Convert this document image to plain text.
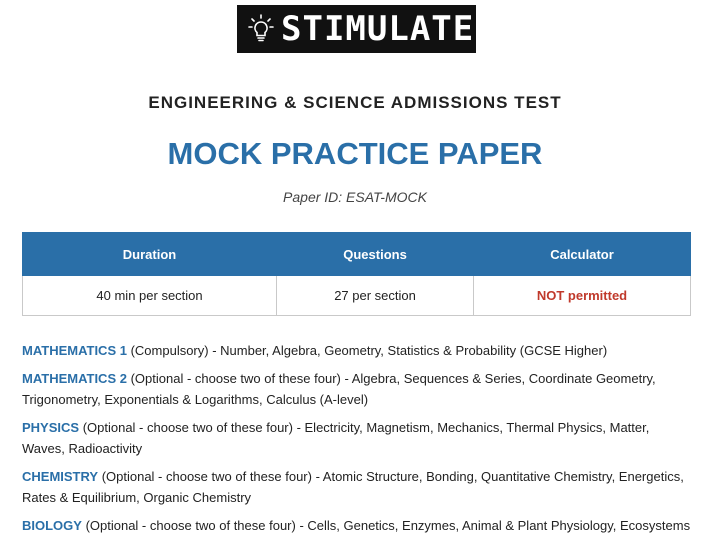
STIMULATE
ENGINEERING & SCIENCE ADMISSIONS TEST
MOCK PRACTICE PAPER
Paper ID: ESAT-MOCK
Duration	Questions	Calculator
40 min per section	27 per section	NOT permitted
MATHEMATICS 1 (Compulsory) - Number, Algebra, Geometry, Statistics & Probability (GCSE Higher)
MATHEMATICS 2 (Optional - choose two of these four) - Algebra, Sequences & Series, Coordinate Geometry, Trigonometry, Exponentials & Logarithms, Calculus (A-level)
PHYSICS (Optional - choose two of these four) - Electricity, Magnetism, Mechanics, Thermal Physics, Matter, Waves, Radioactivity
CHEMISTRY (Optional - choose two of these four) - Atomic Structure, Bonding, Quantitative Chemistry, Energetics, Rates & Equilibrium, Organic Chemistry
BIOLOGY (Optional - choose two of these four) - Cells, Genetics, Enzymes, Animal & Plant Physiology, Ecosystems
